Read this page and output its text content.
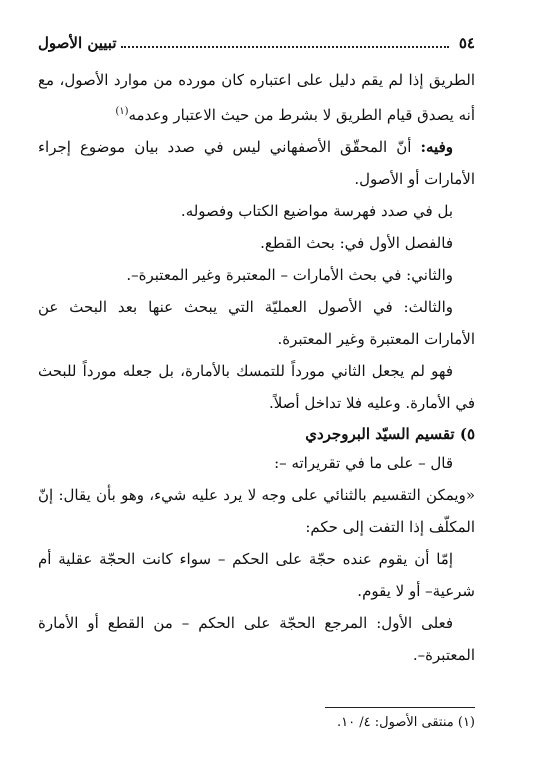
٥٤
تبيين الأصول

الطريق إذا لم يقم دليل على اعتباره كان مورده من موارد الأصول، مع أنه يصدق قيام الطريق لا بشرط من حيث الاعتبار وعدمه$^{(١)}$

وفيه: أنّ المحقّق الأصفهاني ليس في صدد بيان موضوع إجراء الأمارات أو الأصول.

بل في صدد فهرسة مواضيع الكتاب وفصوله.

فالفصل الأول في: بحث القطع.

والثاني: في بحث الأمارات – المعتبرة وغير المعتبرة–.

والثالث: في الأصول العمليّة التي يبحث عنها بعد البحث عن الأمارات المعتبرة وغير المعتبرة.

فهو لم يجعل الثاني مورداً للتمسك بالأمارة، بل جعله مورداً للبحث في الأمارة. وعليه فلا تداخل أصلاً.

٥) تقسيم السيّد البروجردي

قال – على ما في تقريراته –:

«ويمكن التقسيم بالثنائي على وجه لا يرد عليه شيء، وهو بأن يقال: إنّ المكلّف إذا التفت إلى حكم:

إمّا أن يقوم عنده حجّة على الحكم – سواء كانت الحجّة عقلية أم شرعية– أو لا يقوم.

فعلى الأول: المرجع الحجّة على الحكم – من القطع أو الأمارة المعتبرة–.

(١) منتقى الأصول: ٤/ ١٠.
